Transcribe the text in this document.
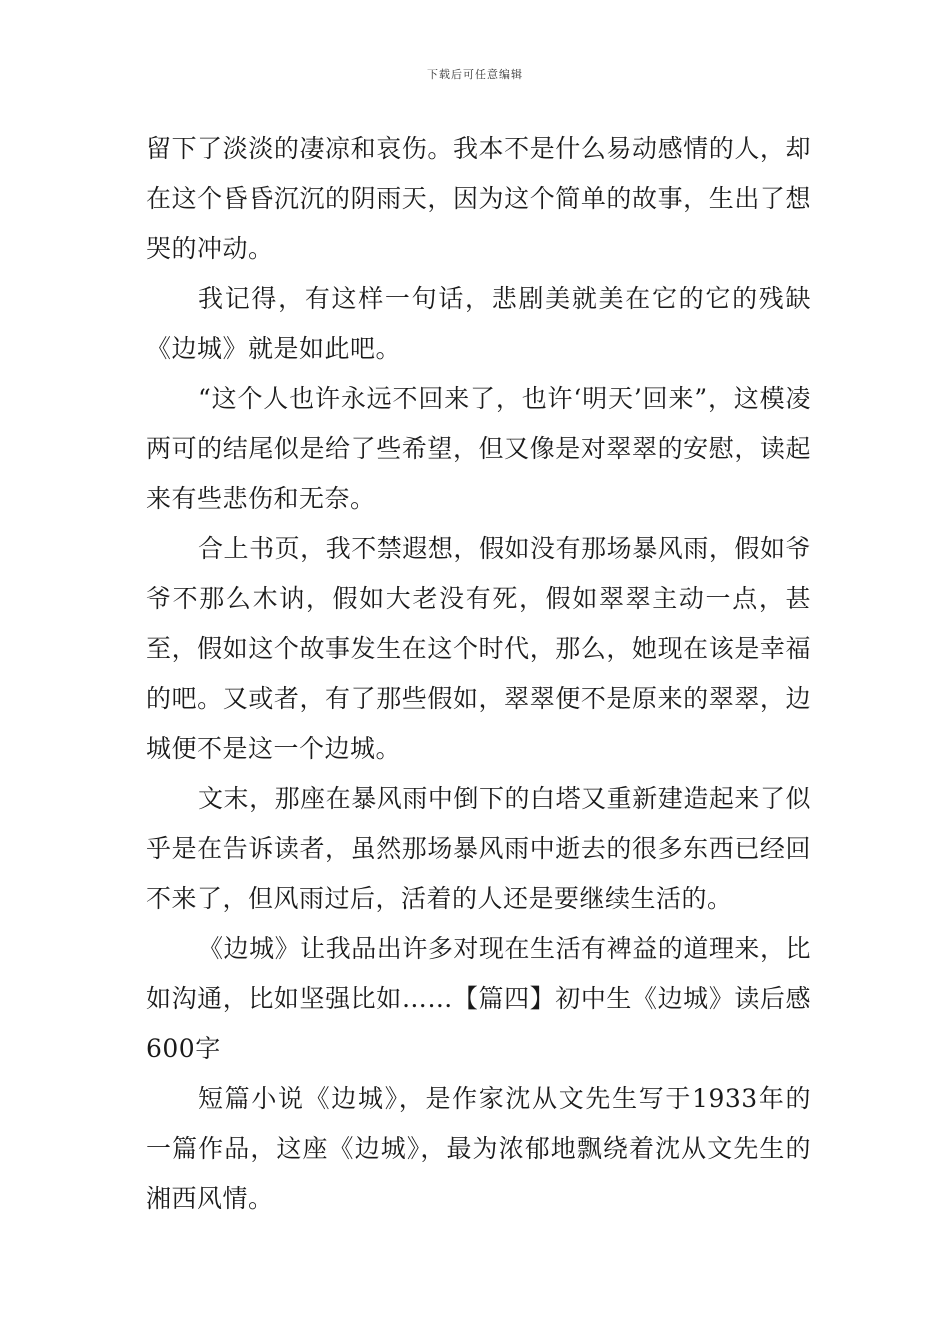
下载后可任意编辑

留下了淡淡的凄凉和哀伤。我本不是什么易动感情的人，却在这个昏昏沉沉的阴雨天，因为这个简单的故事，生出了想哭的冲动。

我记得，有这样一句话，悲剧美就美在它的它的残缺《边城》就是如此吧。

“这个人也许永远不回来了，也许‘明天’回来”，这模凌两可的结尾似是给了些希望，但又像是对翠翠的安慰，读起来有些悲伤和无奈。

合上书页，我不禁遐想，假如没有那场暴风雨，假如爷爷不那么木讷，假如大老没有死，假如翠翠主动一点，甚至，假如这个故事发生在这个时代，那么，她现在该是幸福的吧。又或者，有了那些假如，翠翠便不是原来的翠翠，边城便不是这一个边城。

文末，那座在暴风雨中倒下的白塔又重新建造起来了似乎是在告诉读者，虽然那场暴风雨中逝去的很多东西已经回不来了，但风雨过后，活着的人还是要继续生活的。

《边城》让我品出许多对现在生活有裨益的道理来，比如沟通，比如坚强比如……【篇四】初中生《边城》读后感600字

短篇小说《边城》，是作家沈从文先生写于1933年的一篇作品，这座《边城》，最为浓郁地飘绕着沈从文先生的湘西风情。
